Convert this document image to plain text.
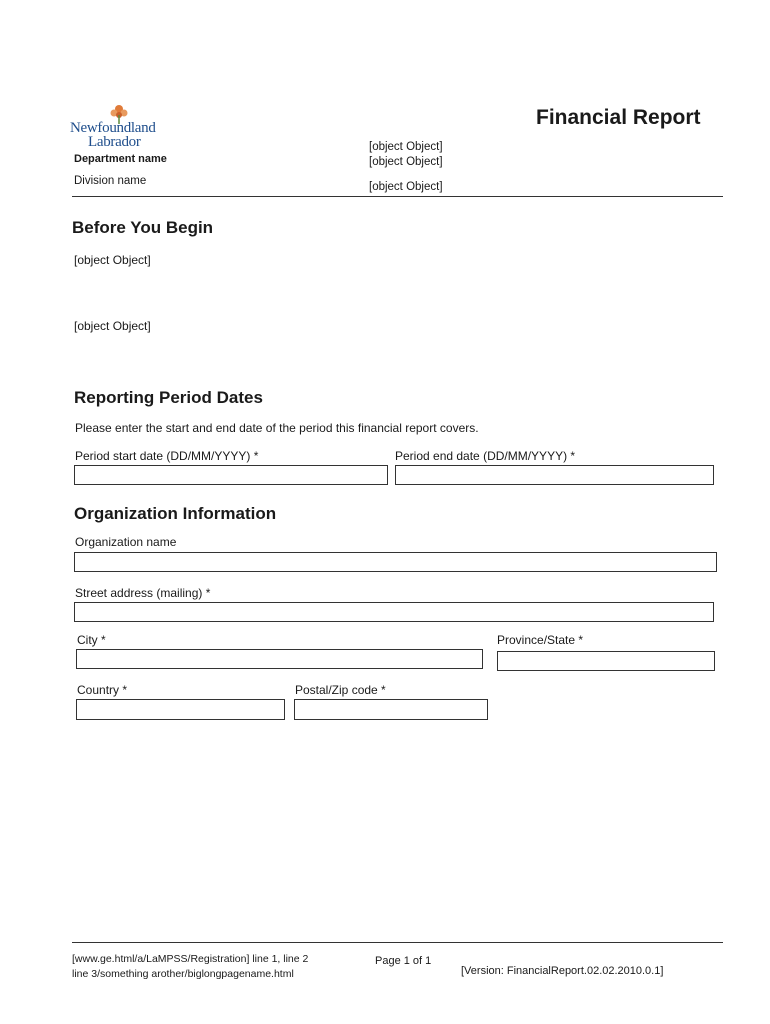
Newfoundland
Labrador
Department name
Division name
Financial Report
[object Object]
[object Object]
[object Object]
Before You Begin
[object Object]
[object Object]
Reporting Period Dates
Please enter the start and end date of the period this financial report covers.
Period start date (DD/MM/YYYY) *	Period end date (DD/MM/YYYY) *
Organization Information
Organization name
Street address (mailing) *
City *	Province/State *
Country *	Postal/Zip code *
[www.ge.html/a/LaMPSS/Registration] line 1, line 2
line 3/something arother/biglongpagename.html
Page 1 of 1
[Version: FinancialReport.02.02.2010.0.1]
